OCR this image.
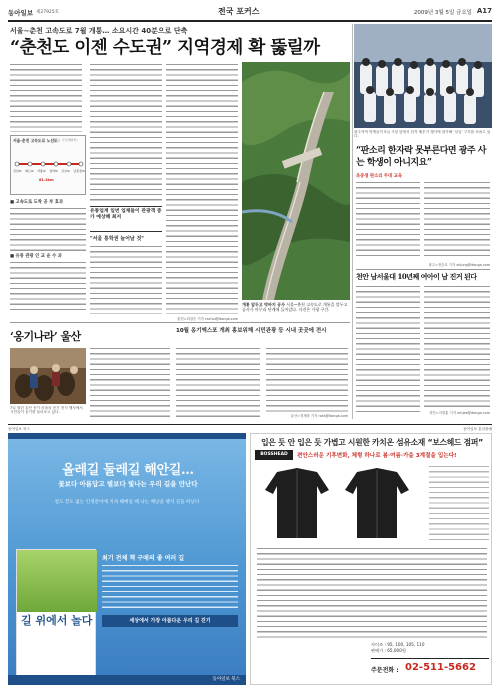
동아일보 제27925호	전국 포커스	2009년 3월 5일 금요일 A17
서울~춘천 고속도로 7월 개통… 소요시간 40분으로 단축
“춘천도 이젠 수도권” 지역경제 확 뚫릴까
광주지역 학생들이 5일 시청 앞에서 한자 배우기 행사에 참가해 ‘일일’ 구호를 외치고 있다.
서울-춘천 고속도로 노선도
(자료: 국토해양부)
강일IC 화도IC 서종IC 설악IC 강촌IC 남춘천IC
61.4km
■ 고속도로 도착 공 부 효과
■ 유통 관광 인 교 운 수 과
유통업계 일번 업체들이 관광객 증가 예상해 최저
"서울 통학권 늘어날 것"
개통 앞두고 막바지 공사 서울~춘천 고속도로 개통을 앞두고 공사가 마무리 단계에 들어갔다. 사진은 가평 구간.
춘천=최창순 기자 cschoi@donga.com
“판소리 한자락 못부른다면 광주 사는 학생이 아니지요”
초중생 판소리 무대 교육
광주=정승호 기자 shjung@donga.com
천안 남서울대 10년째 여아이 남 진거 된다
천안=지명훈 기자 mhjee@donga.com
‘옹기나라’ 울산	10월 옹기엑스포 개최 홍보위해 시민관광 등 시내 곳곳에 전시
7일 열린 울산 옹기 마을의 옹기 전시 행사에서 시민들이 옹기를 둘러보고 있다.
울산=정재락 기자 raks@donga.com
동아일보 북스	동아일보 통신판매
올레길 둘레길 해안길…
꽃보다 아름답고 별보다 빛나는 우리 길을 만난다
걸도 끝도 없는 인생같이에 지쳐 헤매일 때 나는 배낭을 챙겨 길을 떠난다
길 위에서 놀다
최기 전체 책 구매의 좋 여러 길
세상에서 가장 아름다운 우리 길 걷기
동아일보 북스
입은 듯 안 입은 듯 가볍고 시원한 카치온 섬유소재 “보스헤드 점퍼”
BOSSHEAD	편안스러운 기후변화, 체형 하나로 봄·여름·가을 3계절을 입는다!
사이즈 : 95, 100, 105, 110
판매가 : 65,000원
주문전화 : 02-511-5662
